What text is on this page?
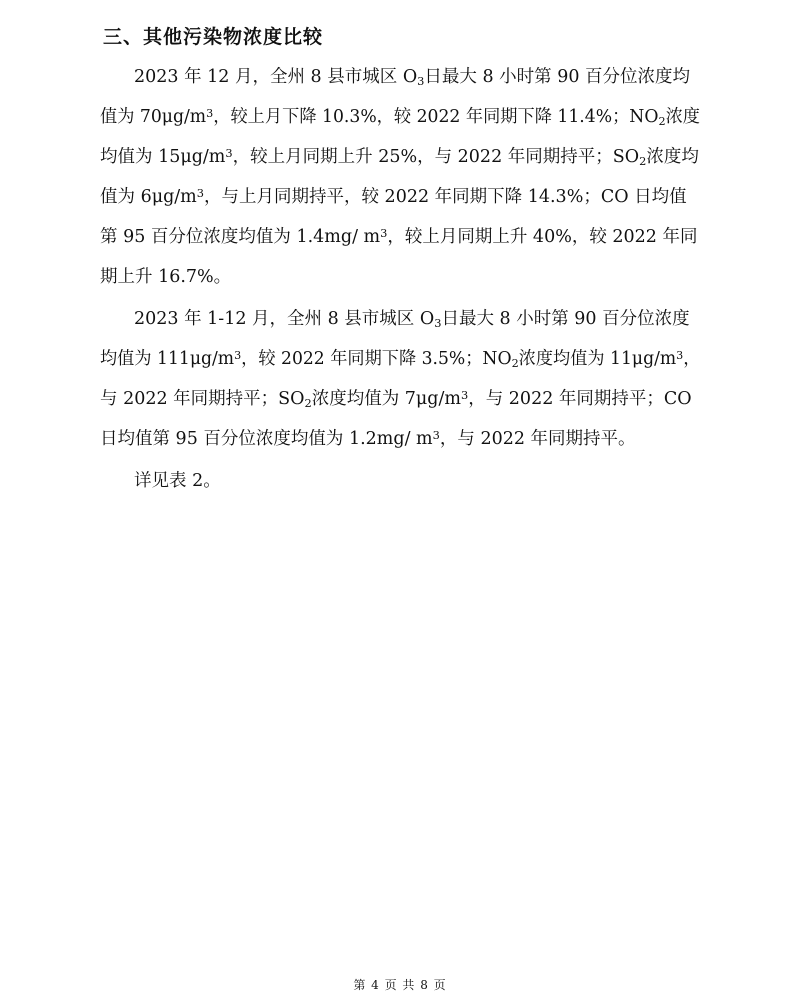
三、其他污染物浓度比较
2023 年 12 月，全州 8 县市城区 $O_3$日最大 8 小时第 90 百分位浓度均
值为 $70\mu g/m^3$，较上月下降 10.3%，较 2022 年同期下降 11.4%；$NO_2$浓度
均值为 $15\mu g/m^3$，较上月同期上升 25%，与 2022 年同期持平；$SO_2$浓度均
值为 $6\mu g/m^3$，与上月同期持平，较 2022 年同期下降 14.3%；CO 日均值
第 95 百分位浓度均值为 1.4mg/ $m^3$，较上月同期上升 40%，较 2022 年同
期上升 16.7%。
2023 年 1-12 月，全州 8 县市城区 $O_3$日最大 8 小时第 90 百分位浓度
均值为 $111\mu g/m^3$，较 2022 年同期下降 3.5%；$NO_2$浓度均值为 $11\mu g/m^3$，
与 2022 年同期持平；$SO_2$浓度均值为 $7\mu g/m^3$，与 2022 年同期持平；CO
日均值第 95 百分位浓度均值为 1.2mg/ $m^3$，与 2022 年同期持平。
详见表 2。
第 4 页 共 8 页
